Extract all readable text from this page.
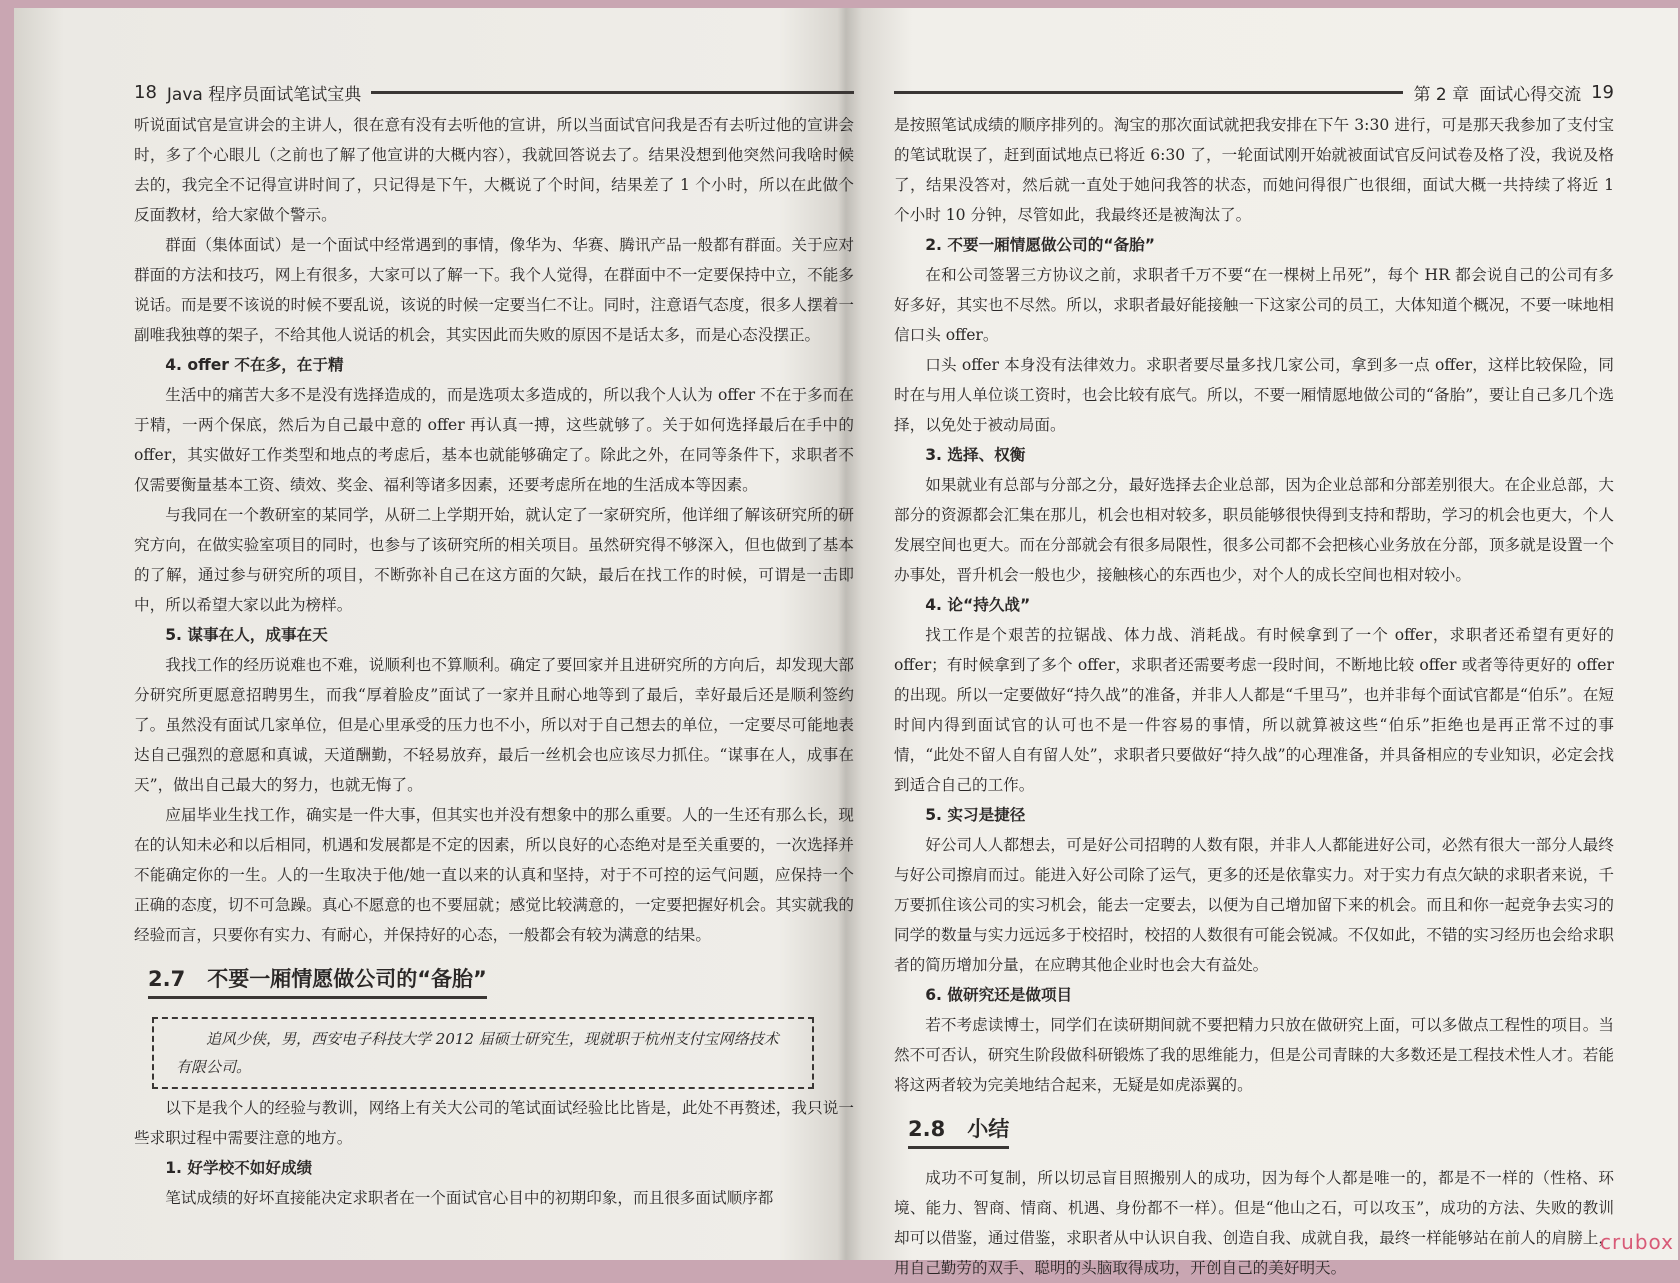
18 Java 程序员面试笔试宝典

听说面试官是宣讲会的主讲人，很在意有没有去听他的宣讲，所以当面试官问我是否有去听过他的宣讲会时，多了个心眼儿（之前也了解了他宣讲的大概内容），我就回答说去了。结果没想到他突然问我啥时候去的，我完全不记得宣讲时间了，只记得是下午，大概说了个时间，结果差了 1 个小时，所以在此做个反面教材，给大家做个警示。

群面（集体面试）是一个面试中经常遇到的事情，像华为、华赛、腾讯产品一般都有群面。关于应对群面的方法和技巧，网上有很多，大家可以了解一下。我个人觉得，在群面中不一定要保持中立，不能多说话。而是要不该说的时候不要乱说，该说的时候一定要当仁不让。同时，注意语气态度，很多人摆着一副唯我独尊的架子，不给其他人说话的机会，其实因此而失败的原因不是话太多，而是心态没摆正。

4. offer 不在多，在于精

生活中的痛苦大多不是没有选择造成的，而是选项太多造成的，所以我个人认为 offer 不在于多而在于精，一两个保底，然后为自己最中意的 offer 再认真一搏，这些就够了。关于如何选择最后在手中的 offer，其实做好工作类型和地点的考虑后，基本也就能够确定了。除此之外，在同等条件下，求职者不仅需要衡量基本工资、绩效、奖金、福利等诸多因素，还要考虑所在地的生活成本等因素。

与我同在一个教研室的某同学，从研二上学期开始，就认定了一家研究所，他详细了解该研究所的研究方向，在做实验室项目的同时，也参与了该研究所的相关项目。虽然研究得不够深入，但也做到了基本的了解，通过参与研究所的项目，不断弥补自己在这方面的欠缺，最后在找工作的时候，可谓是一击即中，所以希望大家以此为榜样。

5. 谋事在人，成事在天

我找工作的经历说难也不难，说顺利也不算顺利。确定了要回家并且进研究所的方向后，却发现大部分研究所更愿意招聘男生，而我“厚着脸皮”面试了一家并且耐心地等到了最后，幸好最后还是顺利签约了。虽然没有面试几家单位，但是心里承受的压力也不小，所以对于自己想去的单位，一定要尽可能地表达自己强烈的意愿和真诚，天道酬勤，不轻易放弃，最后一丝机会也应该尽力抓住。“谋事在人，成事在天”，做出自己最大的努力，也就无悔了。

应届毕业生找工作，确实是一件大事，但其实也并没有想象中的那么重要。人的一生还有那么长，现在的认知未必和以后相同，机遇和发展都是不定的因素，所以良好的心态绝对是至关重要的，一次选择并不能确定你的一生。人的一生取决于他/她一直以来的认真和坚持，对于不可控的运气问题，应保持一个正确的态度，切不可急躁。真心不愿意的也不要屈就；感觉比较满意的，一定要把握好机会。其实就我的经验而言，只要你有实力、有耐心，并保持好的心态，一般都会有较为满意的结果。

2.7 不要一厢情愿做公司的“备胎”
追风少侠，男，西安电子科技大学 2012 届硕士研究生，现就职于杭州支付宝网络技术有限公司。

以下是我个人的经验与教训，网络上有关大公司的笔试面试经验比比皆是，此处不再赘述，我只说一些求职过程中需要注意的地方。

1. 好学校不如好成绩

笔试成绩的好坏直接能决定求职者在一个面试官心目中的初期印象，而且很多面试顺序都

第 2 章 面试心得交流 19

是按照笔试成绩的顺序排列的。淘宝的那次面试就把我安排在下午 3:30 进行，可是那天我参加了支付宝的笔试耽误了，赶到面试地点已将近 6:30 了，一轮面试刚开始就被面试官反问试卷及格了没，我说及格了，结果没答对，然后就一直处于她问我答的状态，而她问得很广也很细，面试大概一共持续了将近 1 个小时 10 分钟，尽管如此，我最终还是被淘汰了。

2. 不要一厢情愿做公司的“备胎”

在和公司签署三方协议之前，求职者千万不要“在一棵树上吊死”，每个 HR 都会说自己的公司有多好多好，其实也不尽然。所以，求职者最好能接触一下这家公司的员工，大体知道个概况，不要一味地相信口头 offer。

口头 offer 本身没有法律效力。求职者要尽量多找几家公司，拿到多一点 offer，这样比较保险，同时在与用人单位谈工资时，也会比较有底气。所以，不要一厢情愿地做公司的“备胎”，要让自己多几个选择，以免处于被动局面。

3. 选择、权衡

如果就业有总部与分部之分，最好选择去企业总部，因为企业总部和分部差别很大。在企业总部，大部分的资源都会汇集在那儿，机会也相对较多，职员能够很快得到支持和帮助，学习的机会也更大，个人发展空间也更大。而在分部就会有很多局限性，很多公司都不会把核心业务放在分部，顶多就是设置一个办事处，晋升机会一般也少，接触核心的东西也少，对个人的成长空间也相对较小。

4. 论“持久战”

找工作是个艰苦的拉锯战、体力战、消耗战。有时候拿到了一个 offer，求职者还希望有更好的 offer；有时候拿到了多个 offer，求职者还需要考虑一段时间，不断地比较 offer 或者等待更好的 offer 的出现。所以一定要做好“持久战”的准备，并非人人都是“千里马”，也并非每个面试官都是“伯乐”。在短时间内得到面试官的认可也不是一件容易的事情，所以就算被这些“伯乐”拒绝也是再正常不过的事情，“此处不留人自有留人处”，求职者只要做好“持久战”的心理准备，并具备相应的专业知识，必定会找到适合自己的工作。

5. 实习是捷径

好公司人人都想去，可是好公司招聘的人数有限，并非人人都能进好公司，必然有很大一部分人最终与好公司擦肩而过。能进入好公司除了运气，更多的还是依靠实力。对于实力有点欠缺的求职者来说，千万要抓住该公司的实习机会，能去一定要去，以便为自己增加留下来的机会。而且和你一起竞争去实习的同学的数量与实力远远多于校招时，校招的人数很有可能会锐减。不仅如此，不错的实习经历也会给求职者的简历增加分量，在应聘其他企业时也会大有益处。

6. 做研究还是做项目

若不考虑读博士，同学们在读研期间就不要把精力只放在做研究上面，可以多做点工程性的项目。当然不可否认，研究生阶段做科研锻炼了我的思维能力，但是公司青睐的大多数还是工程技术性人才。若能将这两者较为完美地结合起来，无疑是如虎添翼的。

2.8 小结

成功不可复制，所以切忌盲目照搬别人的成功，因为每个人都是唯一的，都是不一样的（性格、环境、能力、智商、情商、机遇、身份都不一样）。但是“他山之石，可以攻玉”，成功的方法、失败的教训却可以借鉴，通过借鉴，求职者从中认识自我、创造自我、成就自我，最终一样能够站在前人的肩膀上，用自己勤劳的双手、聪明的头脑取得成功，开创自己的美好明天。

crubox
